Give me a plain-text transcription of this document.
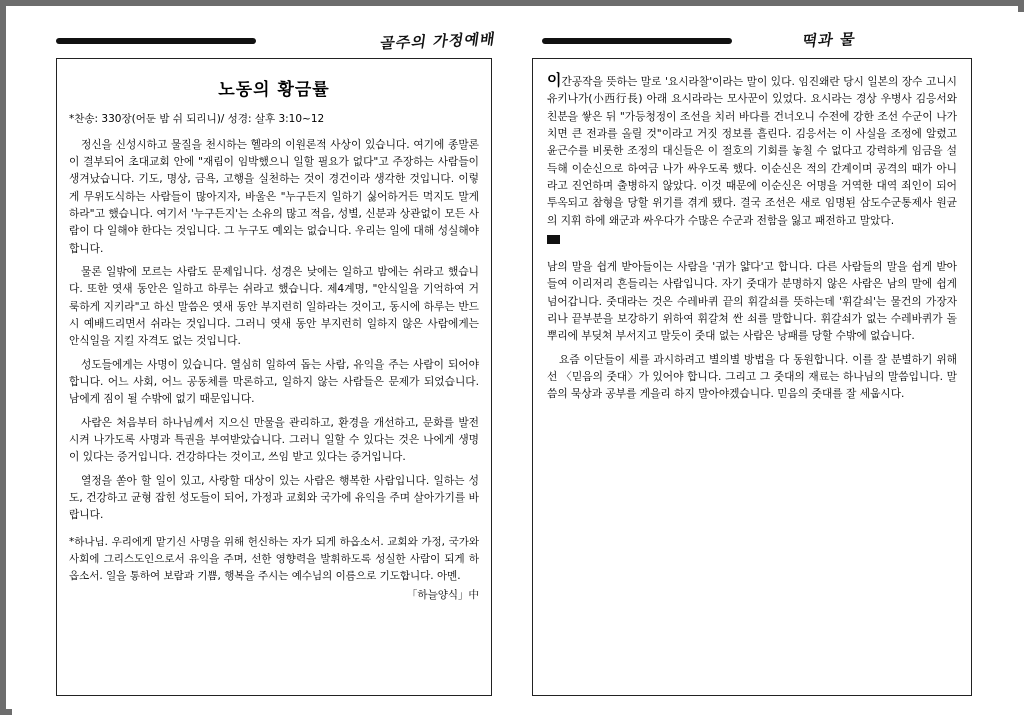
골주의 가정예배
노동의 황금률
*찬송: 330장(어둔 밤 쉬 되리니)/ 성경: 살후 3:10~12

정신을 신성시하고 물질을 천시하는 헬라의 이원론적 사상이 있습니다. 여기에 종말론이 결부되어 초대교회 안에 "재림이 임박했으니 일할 필요가 없다"고 주장하는 사람들이 생겨났습니다. 기도, 명상, 금욕, 고행을 실천하는 것이 경건이라 생각한 것입니다. 이렇게 무위도식하는 사람들이 많아지자, 바울은 "누구든지 일하기 싫어하거든 먹지도 말게 하라"고 했습니다. 여기서 '누구든지'는 소유의 많고 적음, 성별, 신분과 상관없이 모든 사람이 다 일해야 한다는 것입니다. 그 누구도 예외는 없습니다. 우리는 일에 대해 성실해야 합니다.

물론 일밖에 모르는 사람도 문제입니다. 성경은 낮에는 일하고 밤에는 쉬라고 했습니다. 또한 엿새 동안은 일하고 하루는 쉬라고 했습니다. 제4계명, "안식일을 기억하여 거룩하게 지키라"고 하신 말씀은 엿새 동안 부지런히 일하라는 것이고, 동시에 하루는 반드시 예배드리면서 쉬라는 것입니다. 그러니 엿새 동안 부지런히 일하지 않은 사람에게는 안식일을 지킬 자격도 없는 것입니다.

성도들에게는 사명이 있습니다. 열심히 일하여 돕는 사람, 유익을 주는 사람이 되어야 합니다. 어느 사회, 어느 공동체를 막론하고, 일하지 않는 사람들은 문제가 되었습니다. 남에게 짐이 될 수밖에 없기 때문입니다.

사람은 처음부터 하나님께서 지으신 만물을 관리하고, 환경을 개선하고, 문화를 발전시켜 나가도록 사명과 특권을 부여받았습니다. 그러니 일할 수 있다는 것은 나에게 생명이 있다는 증거입니다. 건강하다는 것이고, 쓰임 받고 있다는 증거입니다.

열정을 쏟아 할 일이 있고, 사랑할 대상이 있는 사람은 행복한 사람입니다. 일하는 성도, 건강하고 균형 잡힌 성도들이 되어, 가정과 교회와 국가에 유익을 주며 살아가기를 바랍니다.

*하나님. 우리에게 맡기신 사명을 위해 헌신하는 자가 되게 하옵소서. 교회와 가정, 국가와 사회에 그리스도인으로서 유익을 주며, 선한 영향력을 발휘하도록 성실한 사람이 되게 하옵소서. 일을 통하여 보람과 기쁨, 행복을 주시는 예수님의 이름으로 기도합니다. 아멘.

「하늘양식」中
떡과 물
이간공작을 뜻하는 말로 '요시라찰'이라는 말이 있다. 임진왜란 당시 일본의 장수 고니시 유키나가(小西行長) 아래 요시라라는 모사꾼이 있었다. 요시라는 경상 우병사 김응서와 친분을 쌓은 뒤 "가등청정이 조선을 치러 바다를 건너오니 수전에 강한 조선 수군이 나가 치면 큰 전과를 올릴 것"이라고 거짓 정보를 흘린다. 김응서는 이 사실을 조정에 알렸고 윤근수를 비롯한 조정의 대신들은 이 절호의 기회를 놓칠 수 없다고 강력하게 임금을 설득해 이순신으로 하여금 나가 싸우도록 했다. 이순신은 적의 간계이며 공격의 때가 아니라고 진언하며 출병하지 않았다. 이것 때문에 이순신은 어명을 거역한 대역 죄인이 되어 투옥되고 참형을 당할 위기를 겪게 됐다. 결국 조선은 새로 임명된 삼도수군통제사 원균의 지휘 하에 왜군과 싸우다가 수많은 수군과 전함을 잃고 패전하고 말았다.

남의 말을 쉽게 받아들이는 사람을 '귀가 얇다'고 합니다. 다른 사람들의 말을 쉽게 받아들여 이리저리 흔들리는 사람입니다. 자기 줏대가 분명하지 않은 사람은 남의 말에 쉽게 넘어갑니다. 줏대라는 것은 수레바퀴 끝의 휘갈쇠를 뜻하는데 '휘갈쇠'는 물건의 가장자리나 끝부분을 보강하기 위하여 휘갈쳐 싼 쇠를 말합니다. 휘갈쇠가 없는 수레바퀴가 돌 뿌리에 부딪쳐 부서지고 말듯이 줏대 없는 사람은 낭패를 당할 수밖에 없습니다.

요즘 이단들이 세를 과시하려고 별의별 방법을 다 동원합니다. 이를 잘 분별하기 위해선 〈믿음의 줏대〉가 있어야 합니다. 그리고 그 줏대의 재료는 하나님의 말씀입니다. 말씀의 묵상과 공부를 게을리 하지 말아야겠습니다. 믿음의 줏대를 잘 세웁시다.
